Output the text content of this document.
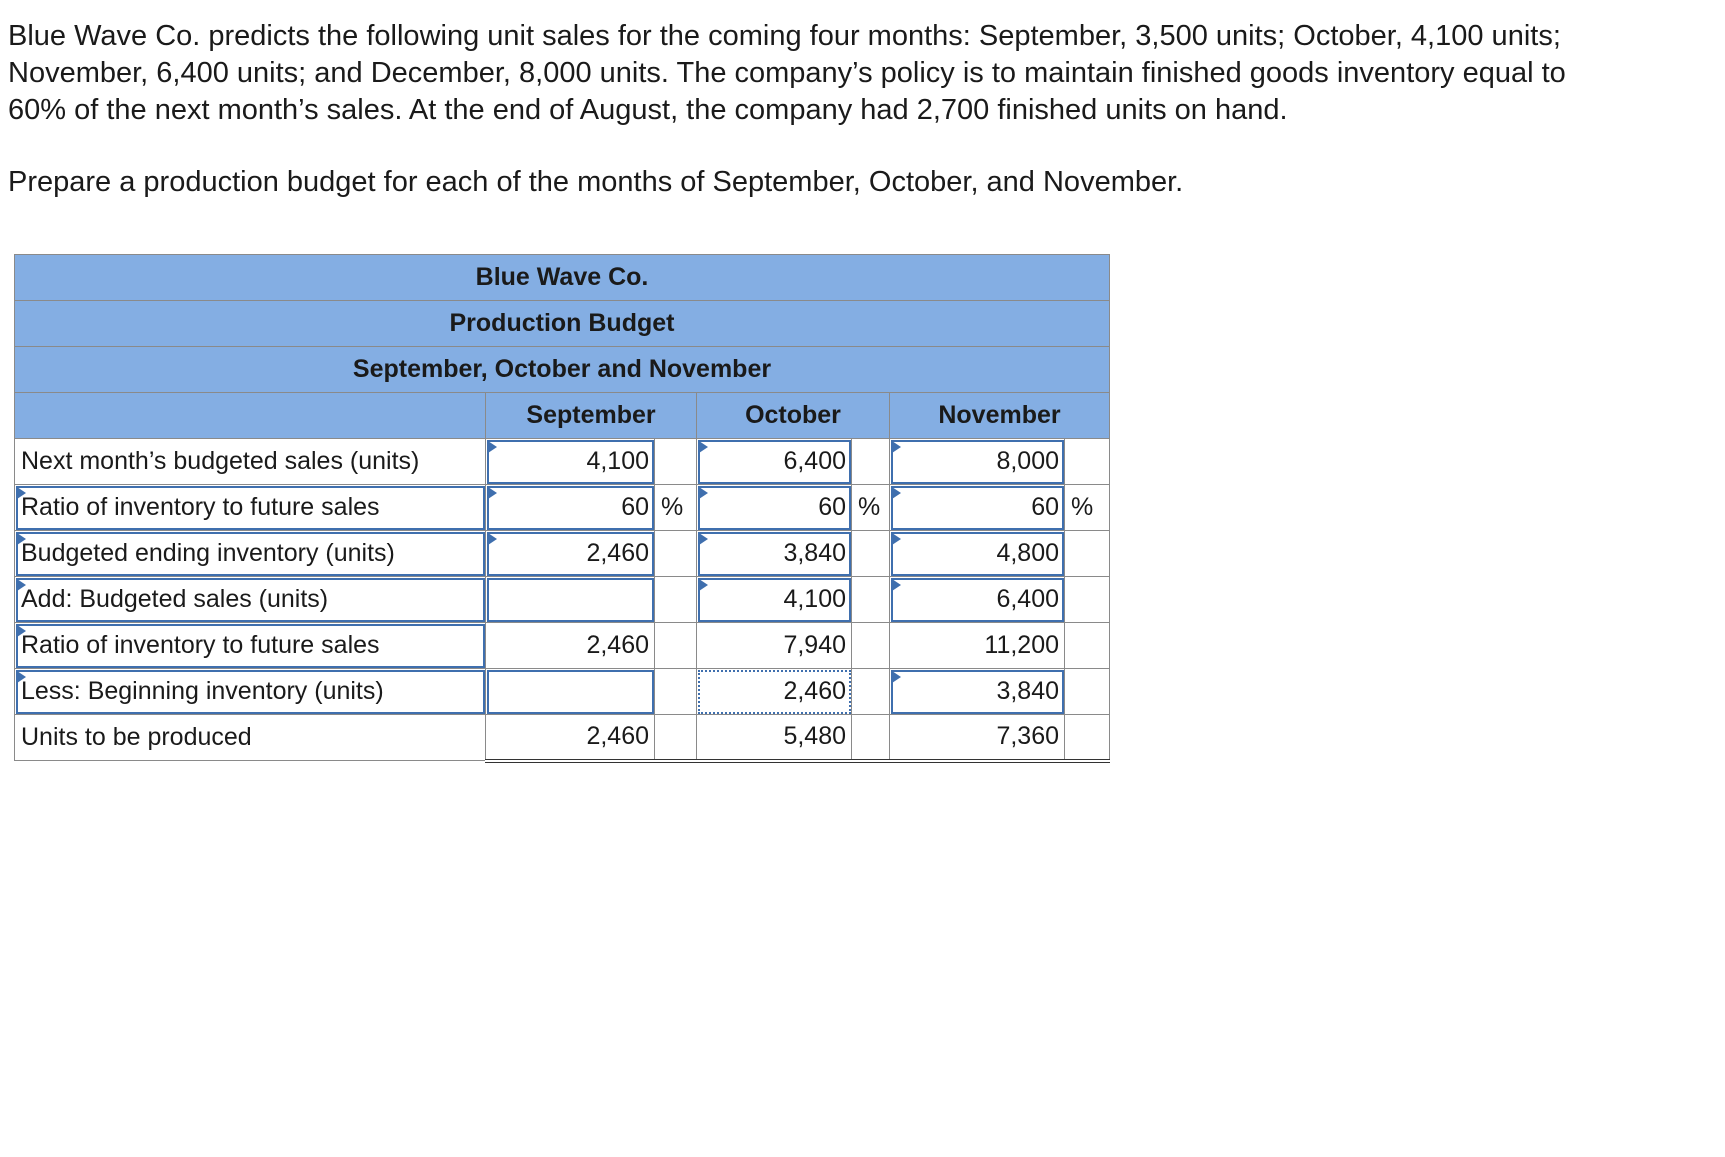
Blue Wave Co. predicts the following unit sales for the coming four months: September, 3,500 units; October, 4,100 units;

November, 6,400 units; and December, 8,000 units. The company’s policy is to maintain finished goods inventory equal to

60% of the next month’s sales. At the end of August, the company had 2,700 finished units on hand.

Prepare a production budget for each of the months of September, October, and November.

Blue Wave Co.						
Production Budget						
September, October and November						
	September		October		November	
Next month’s budgeted sales (units)	4,100		6,400		8,000	

Ratio of inventory to future sales	60	%	60	%	60	%

Budgeted ending inventory (units)	2,460		3,840		4,800	

Add: Budgeted sales (units)			4,100		6,400	

Ratio of inventory to future sales	2,460		7,940		11,200	

Less: Beginning inventory (units)			2,460		3,840	
Units to be produced	2,460		5,480		7,360	
